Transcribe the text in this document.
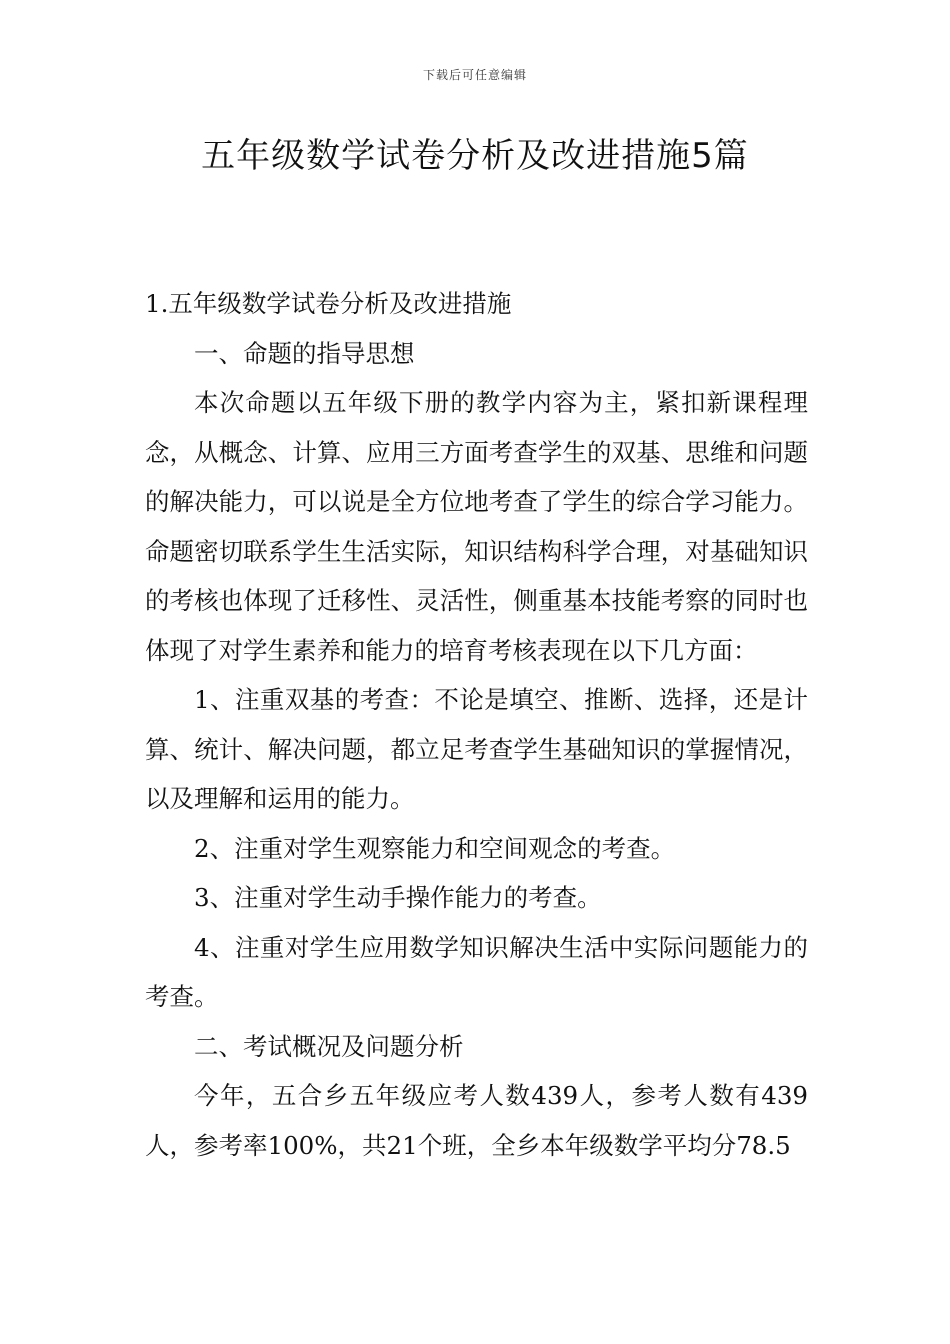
下载后可任意编辑
五年级数学试卷分析及改进措施5篇

1.五年级数学试卷分析及改进措施

一、命题的指导思想

本次命题以五年级下册的教学内容为主，紧扣新课程理念，从概念、计算、应用三方面考查学生的双基、思维和问题的解决能力，可以说是全方位地考查了学生的综合学习能力。命题密切联系学生生活实际，知识结构科学合理，对基础知识的考核也体现了迁移性、灵活性，侧重基本技能考察的同时也体现了对学生素养和能力的培育考核表现在以下几方面：

1、注重双基的考查：不论是填空、推断、选择，还是计算、统计、解决问题，都立足考查学生基础知识的掌握情况，以及理解和运用的能力。

2、注重对学生观察能力和空间观念的考查。

3、注重对学生动手操作能力的考查。

4、注重对学生应用数学知识解决生活中实际问题能力的考查。

二、考试概况及问题分析

今年，五合乡五年级应考人数439人，参考人数有439人，参考率100%，共21个班，全乡本年级数学平均分78.5
